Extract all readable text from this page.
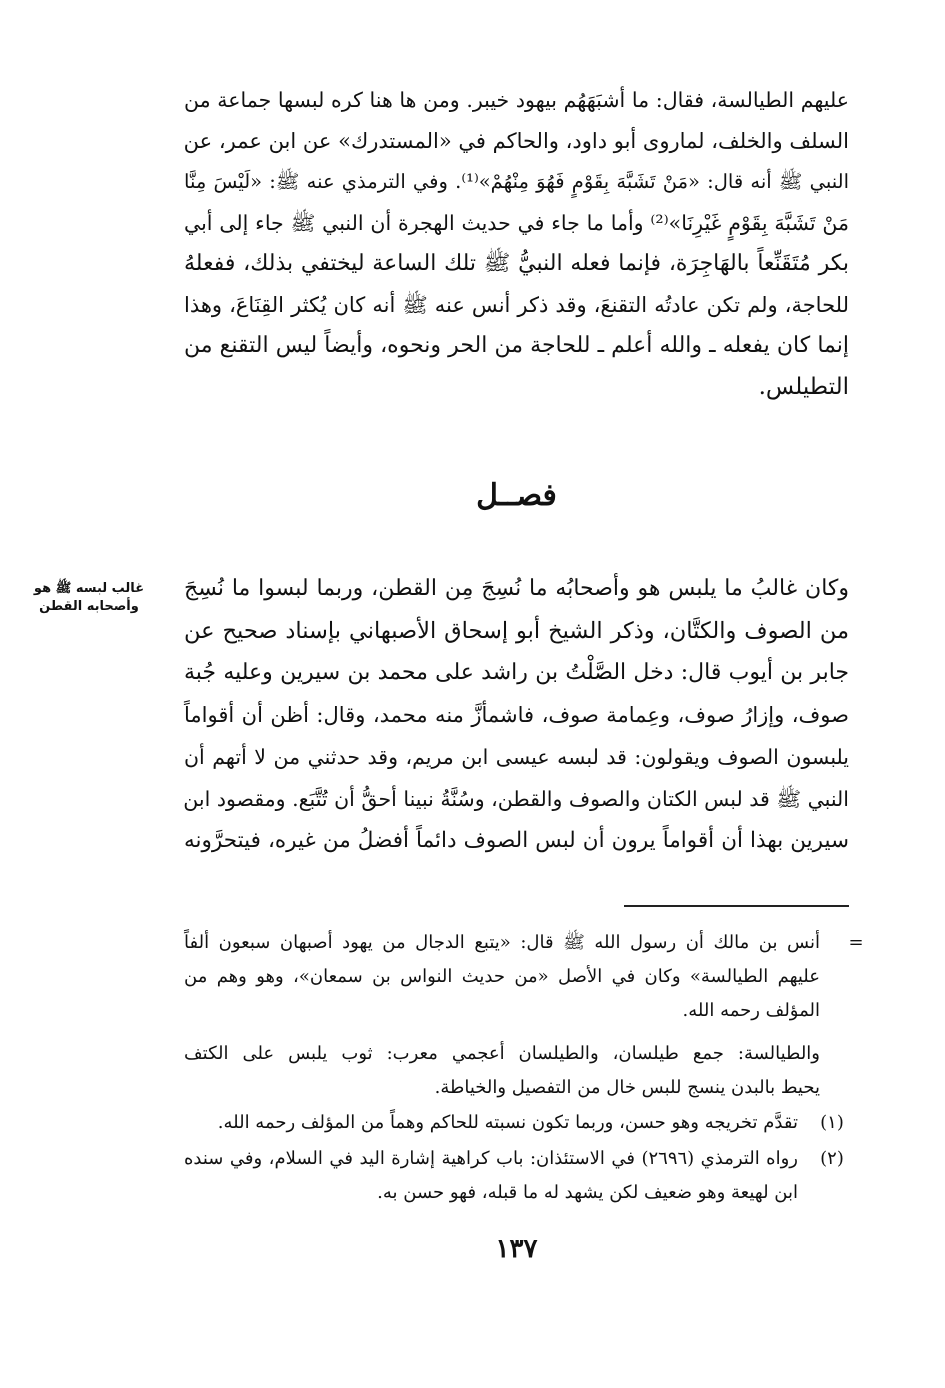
عليهم الطيالسة، فقال: ما أشبَهَهُم بيهود خيبر. ومن ها هنا كره لبسها جماعة من
السلف والخلف، لماروى أبو داود، والحاكم في «المستدرك» عن ابن عمر، عن
النبي ﷺ أنه قال: «مَنْ تَشَبَّهَ بِقَوْمٍ فَهُوَ مِنْهُمْ»⁽¹⁾. وفي الترمذي عنه ﷺ: «لَيْسَ مِنَّا
مَنْ تَشَبَّهَ بِقَوْمٍ غَيْرِنَا»⁽²⁾ وأما ما جاء في حديث الهجرة أن النبي ﷺ جاء إلى أبي
بكر مُتَقَنِّعاً بالهَاجِرَة، فإنما فعله النبيُّ ﷺ تلك الساعة ليختفي بذلك، ففعلهُ
للحاجة، ولم تكن عادتُه التقنعَ، وقد ذكر أنس عنه ﷺ أنه كان يُكثر القِنَاعَ، وهذا
إنما كان يفعله ـ والله أعلم ـ للحاجة من الحر ونحوه، وأيضاً ليس التقنع من
التطيلس.
فصــل
غالب لبسه ﷺ هو
وأصحابه القطن
وكان غالبُ ما يلبس هو وأصحابُه ما نُسِجَ مِن القطن، وربما لبسوا ما نُسِجَ
من الصوف والكتَّان، وذكر الشيخ أبو إسحاق الأصبهاني بإسناد صحيح عن
جابر بن أيوب قال: دخل الصَّلْتُ بن راشد على محمد بن سيرين وعليه جُبة
صوف، وإزارُ صوف، وعِمامة صوف، فاشمأزَّ منه محمد، وقال: أظن أن أقواماً
يلبسون الصوف ويقولون: قد لبسه عيسى ابن مريم، وقد حدثني من لا أتهم أن
النبي ﷺ قد لبس الكتان والصوف والقطن، وسُنَّةُ نبينا أحقُّ أن تُتَّبَع. ومقصود ابن
سيرين بهذا أن أقواماً يرون أن لبس الصوف دائماً أفضلُ من غيره، فيتحرَّونه
=
أنس بن مالك أن رسول الله ﷺ قال: «يتبع الدجال من يهود أصبهان سبعون ألفاً
عليهم الطيالسة» وكان في الأصل «من حديث النواس بن سمعان»، وهو وهم من
المؤلف رحمه الله.
والطيالسة: جمع طيلسان، والطيلسان أعجمي معرب: ثوب يلبس على الكتف
يحيط بالبدن ينسج للبس خال من التفصيل والخياطة.
(١)
تقدَّم تخريجه وهو حسن، وربما تكون نسبته للحاكم وهماً من المؤلف رحمه الله.
(٢)
رواه الترمذي (٢٦٩٦) في الاستئذان: باب كراهية إشارة اليد في السلام، وفي سنده
ابن لهيعة وهو ضعيف لكن يشهد له ما قبله، فهو حسن به.
١٣٧
